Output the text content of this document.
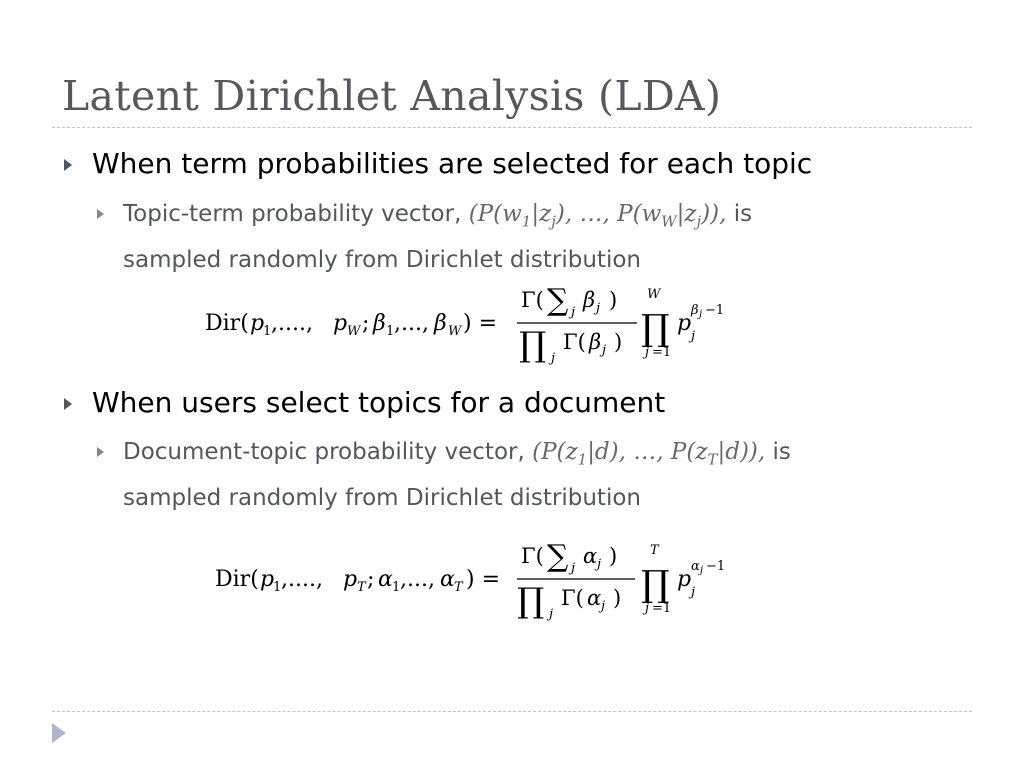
Latent Dirichlet Analysis (LDA)
When term probabilities are selected for each topic
Topic-term probability vector, ($P(w_1|z_j)$, …, $P(w_W|z_j)$), is
sampled randomly from Dirichlet distribution
Dir( p
1 ,...., p W ; β 1 ,..., β W ) =
Γ( ∑ j
β j )
∏ j
Γ( β j )
W
∏
j =1
p
j
β j −1
When users select topics for a document
Document-topic probability vector, ($P(z_1|d)$, …, $P(z_T|d)$), is
sampled randomly from Dirichlet distribution
Dir( p
1 ,...., p T ; α 1 ,..., α T ) =
Γ( ∑ j
α j )
∏ j
Γ( α j )
T
∏
j =1
p
j
α j −1
